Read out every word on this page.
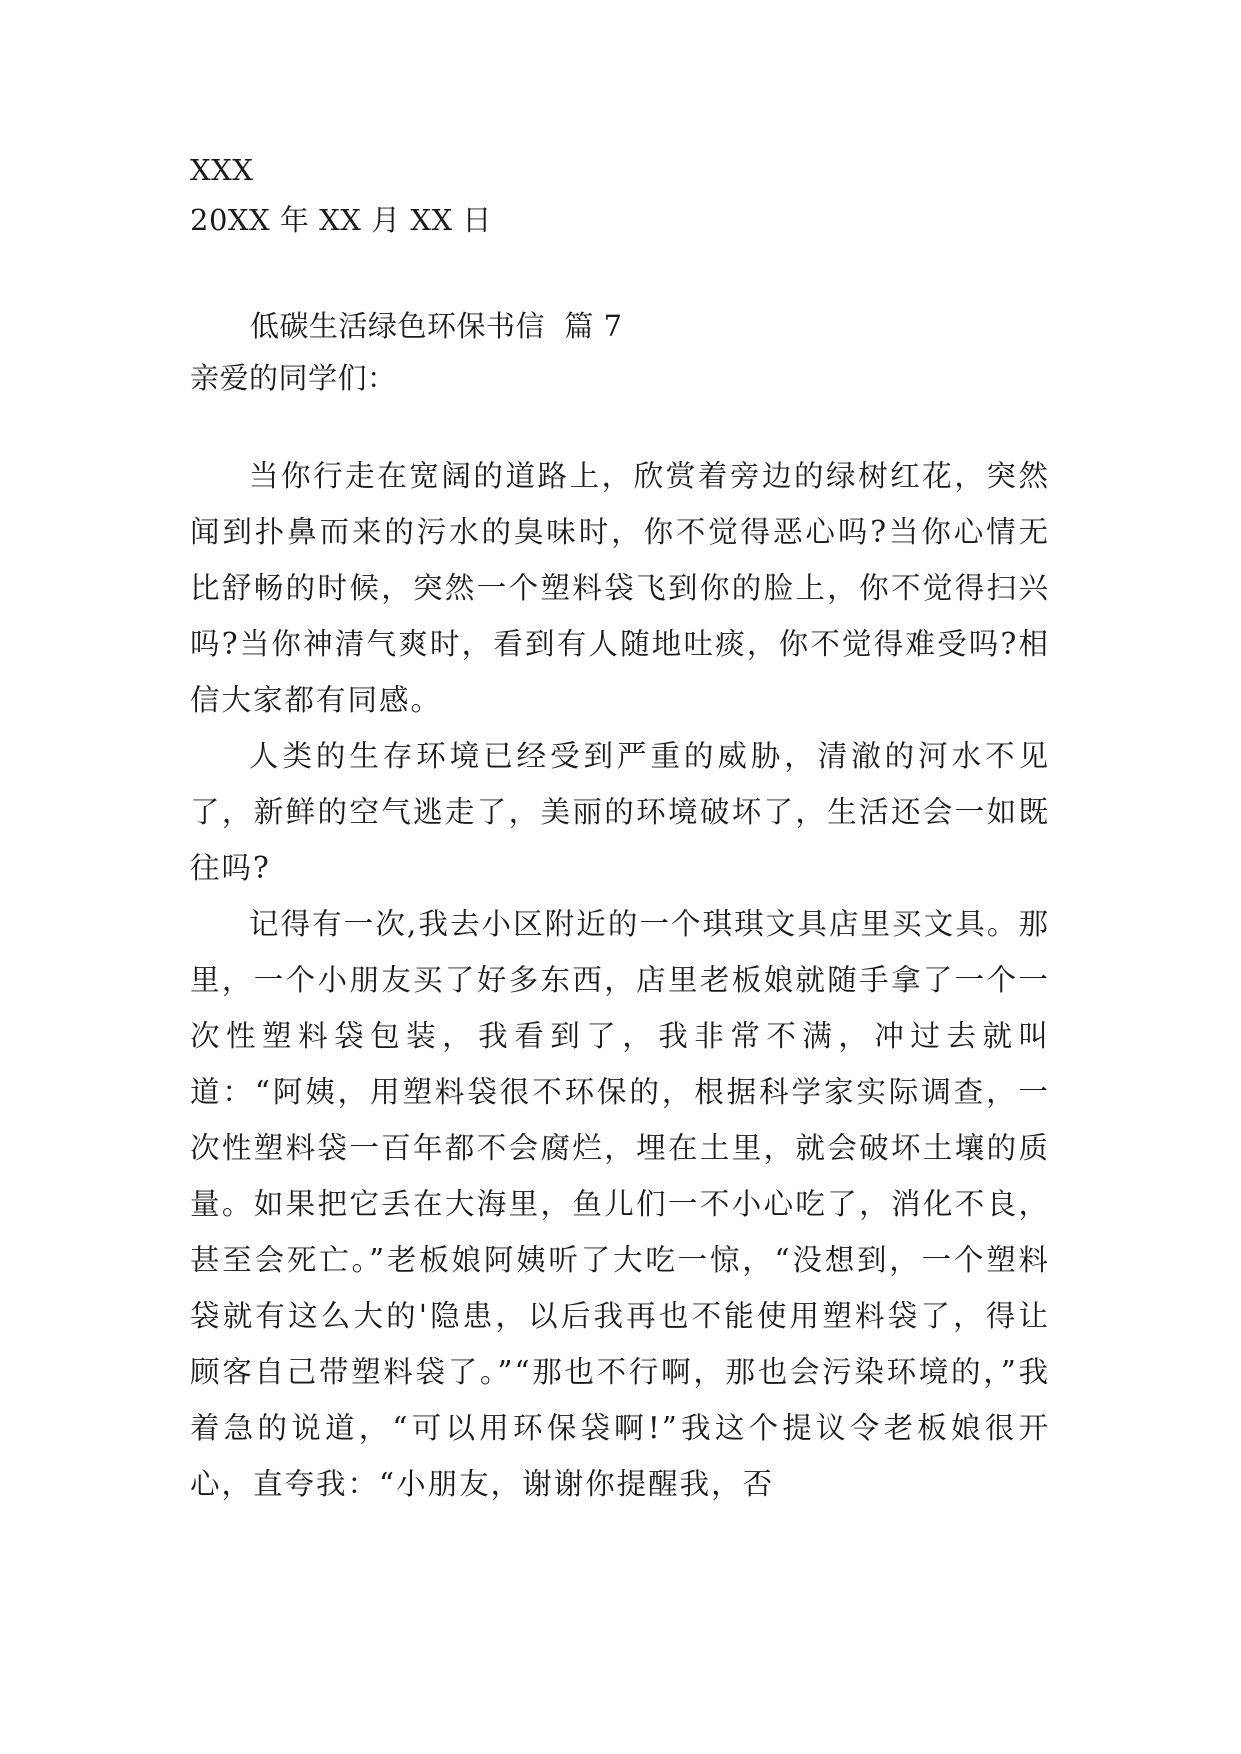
XXX
20XX 年 XX 月 XX 日
低碳生活绿色环保书信  篇 7
亲爱的同学们：

当你行走在宽阔的道路上，欣赏着旁边的绿树红花，突然闻到扑鼻而来的污水的臭味时，你不觉得恶心吗?当你心情无比舒畅的时候，突然一个塑料袋飞到你的脸上，你不觉得扫兴吗?当你神清气爽时，看到有人随地吐痰，你不觉得难受吗?相信大家都有同感。

人类的生存环境已经受到严重的威胁，清澈的河水不见了，新鲜的空气逃走了，美丽的环境破坏了，生活还会一如既往吗?

记得有一次,我去小区附近的一个琪琪文具店里买文具。那里，一个小朋友买了好多东西，店里老板娘就随手拿了一个一次性塑料袋包装，我看到了，我非常不满，冲过去就叫道：“阿姨，用塑料袋很不环保的，根据科学家实际调查，一次性塑料袋一百年都不会腐烂，埋在土里，就会破坏土壤的质量。如果把它丢在大海里，鱼儿们一不小心吃了，消化不良，甚至会死亡。”老板娘阿姨听了大吃一惊，“没想到，一个塑料袋就有这么大的'隐患，以后我再也不能使用塑料袋了，得让顾客自己带塑料袋了。”“那也不行啊，那也会污染环境的，”我着急的说道，“可以用环保袋啊!”我这个提议令老板娘很开心，直夸我：“小朋友，谢谢你提醒我，否
